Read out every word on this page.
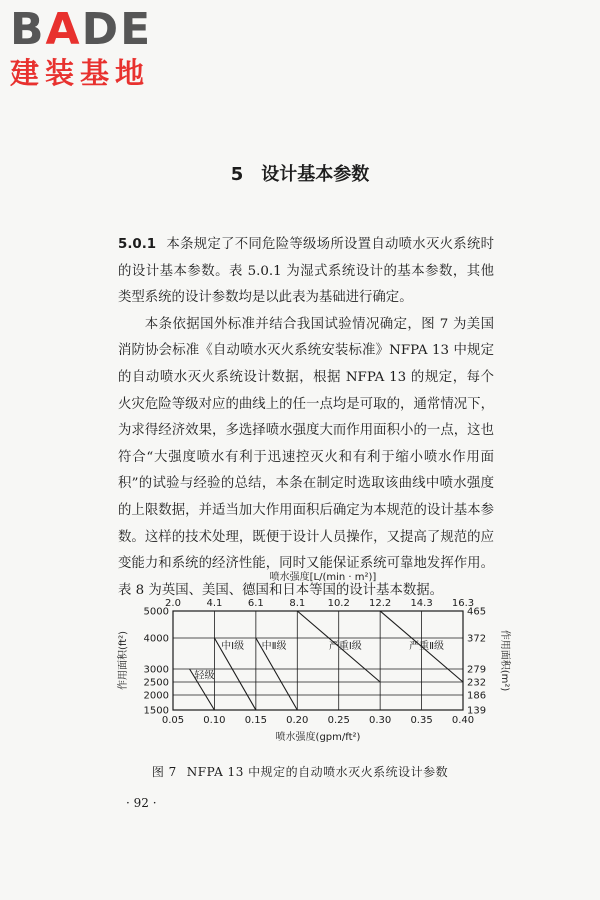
BADE
建装基地
5 设计基本参数

5.0.1 本条规定了不同危险等级场所设置自动喷水灭火系统时的设计基本参数。表 5.0.1 为湿式系统设计的基本参数，其他类型系统的设计参数均是以此表为基础进行确定。

本条依据国外标准并结合我国试验情况确定，图 7 为美国消防协会标准《自动喷水灭火系统安装标准》NFPA 13 中规定的自动喷水灭火系统设计数据，根据 NFPA 13 的规定，每个火灾危险等级对应的曲线上的任一点均是可取的，通常情况下，为求得经济效果，多选择喷水强度大而作用面积小的一点，这也符合“大强度喷水有利于迅速控灭火和有利于缩小喷水作用面积”的试验与经验的总结，本条在制定时选取该曲线中喷水强度的上限数据，并适当加大作用面积后确定为本规范的设计基本参数。这样的技术处理，既便于设计人员操作，又提高了规范的应变能力和系统的经济性能，同时又能保证系统可靠地发挥作用。表 8 为英国、美国、德国和日本等国的设计基本数据。

5000
4000
3000
2500
2000
1500
465
372
279
232
186
139
0.05
2.0
0.10
4.1
0.15
6.1
0.20
8.1
0.25
10.2
0.30
12.2
0.35
14.3
0.40
16.3
喷水强度[L/(min · m²)]
喷水强度(gpm/ft²)
作用面积(ft²)	作用面积(m²)
轻级
中Ⅰ级 中Ⅱ级	严重Ⅰ级	严重Ⅱ级
图 7 NFPA 13 中规定的自动喷水灭火系统设计参数
· 92 ·
